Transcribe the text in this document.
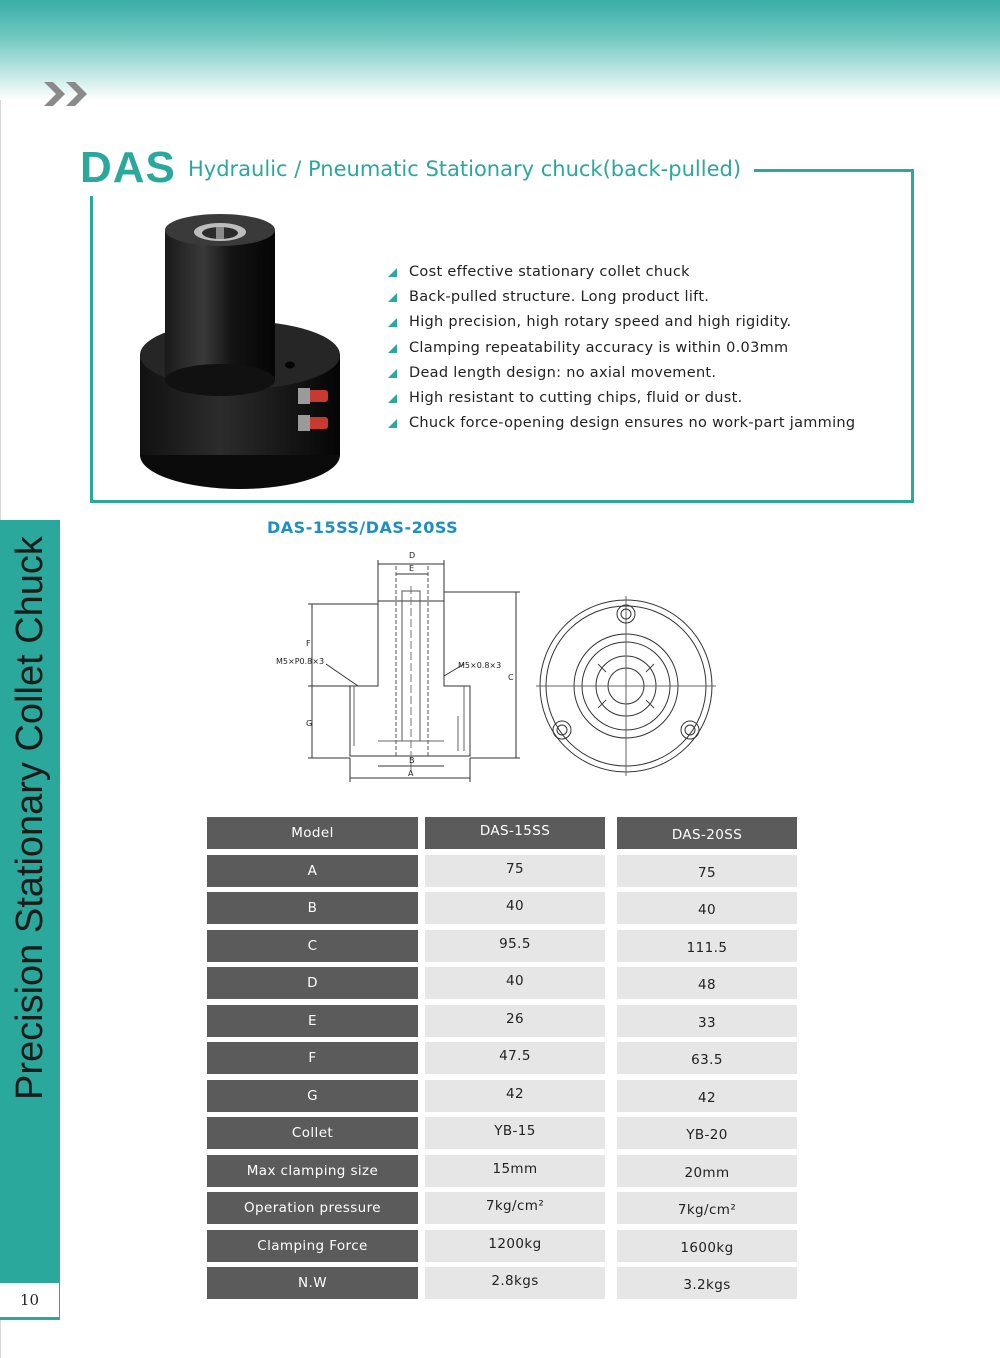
Precision Stationary Collet Chuck
10
DAS Hydraulic / Pneumatic Stationary chuck(back-pulled)
Cost effective stationary collet chuck
Back-pulled structure. Long product lift.
High precision, high rotary speed and high rigidity.
Clamping repeatability accuracy is within 0.03mm
Dead length design: no axial movement.
High resistant to cutting chips, fluid or dust.
Chuck force-opening design ensures no work-part jamming
DAS-15SS/DAS-20SS
D
E
F
G
C
A
B
M5×P0.8×3	M5×0.8×3
Model	DAS-15SS	DAS-20SS
A	75	75
B	40	40
C	95.5	111.5
D	40	48
E	26	33
F	47.5	63.5
G	42	42
Collet	YB-15	YB-20
Max clamping size	15mm	20mm
Operation pressure	7kg/cm²	7kg/cm²
Clamping Force	1200kg	1600kg
N.W	2.8kgs	3.2kgs
